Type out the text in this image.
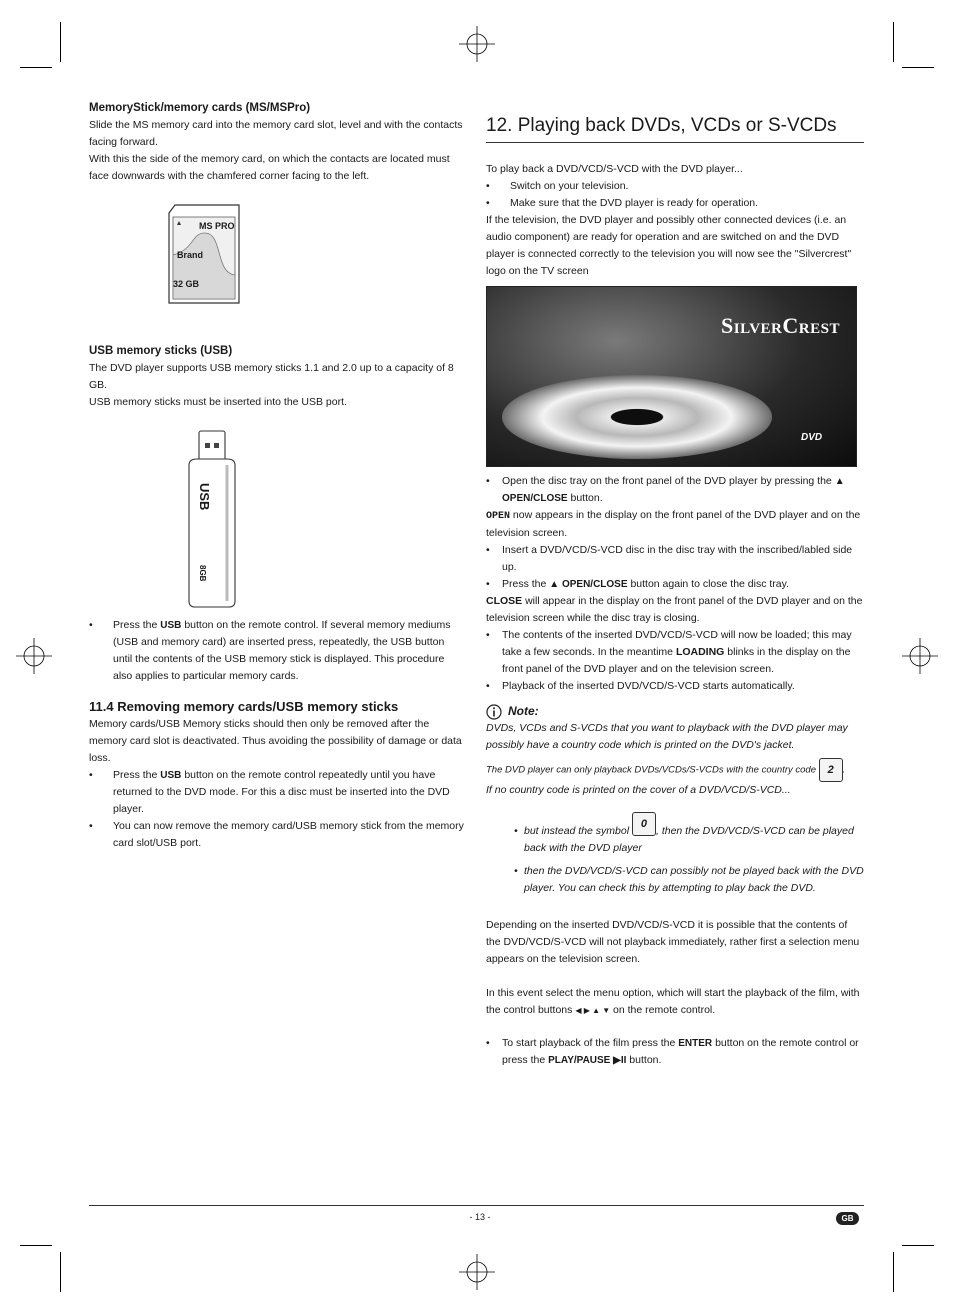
MemoryStick/memory cards (MS/MSPro)

Slide the MS memory card into the memory card slot, level and with the contacts facing forward.

With this the side of the memory card, on which the contacts are located must face downwards with the chamfered corner facing to the left.

MS PRO
Brand
32 GB
USB memory sticks (USB)

The DVD player supports USB memory sticks 1.1 and 2.0 up to a capacity of 8 GB.

USB memory sticks must be inserted into the USB port.

USB
8GB
•	Press the USB button on the remote control. If several memory mediums (USB and memory card) are inserted press, repeatedly, the USB button until the contents of the USB memory stick is displayed. This procedure also applies to particular memory cards.
11.4 Removing memory cards/USB memory sticks

Memory cards/USB Memory sticks should then only be removed after the memory card slot is deactivated. Thus avoiding the possibility of damage or data loss.

•	Press the USB button on the remote control repeatedly until you have returned to the DVD mode. For this a disc must be inserted into the DVD player.
•	You can now remove the memory card/USB memory stick from the memory card slot/USB port.
12. Playing back DVDs, VCDs or S-VCDs

To play back a DVD/VCD/S-VCD with the DVD player...

•	Switch on your television.
•	Make sure that the DVD player is ready for operation.

If the television, the DVD player and possibly other connected devices (i.e. an audio component) are ready for operation and are switched on and the DVD player is connected correctly to the television you will now see the "Silvercrest" logo on the TV screen

SilverCrest
DVD
•	Open the disc tray on the front panel of the DVD player by pressing the ▲ OPEN/CLOSE button.

OPEN now appears in the display on the front panel of the DVD player and on the television screen.

•	Insert a DVD/VCD/S-VCD disc in the disc tray with the inscribed/labled side up.
•	Press the ▲ OPEN/CLOSE button again to close the disc tray.

CLOSE will appear in the display on the front panel of the DVD player and on the television screen while the disc tray is closing.

•	The contents of the inserted DVD/VCD/S-VCD will now be loaded; this may take a few seconds. In the meantime LOADING blinks in the display on the front panel of the DVD player and on the television screen.
•	Playback of the inserted DVD/VCD/S-VCD starts automatically.
Note:

DVDs, VCDs and S-VCDs that you want to playback with the DVD player may possibly have a country code which is printed on the DVD's jacket.

The DVD player can only playback DVDs/VCDs/S-VCDs with the country code 2 .

If no country code is printed on the cover of a DVD/VCD/S-VCD...

• but instead the symbol 0, then the DVD/VCD/S-VCD can be played back with the DVD player
• then the DVD/VCD/S-VCD can possibly not be played back with the DVD player. You can check this by attempting to play back the DVD.

Depending on the inserted DVD/VCD/S-VCD it is possible that the contents of the DVD/VCD/S-VCD will not playback immediately, rather first a selection menu appears on the television screen.

In this event select the menu option, which will start the playback of the film, with the control buttons ◀ ▶ ▲ ▼ on the remote control.

•	To start playback of the film press the ENTER button on the remote control or press the PLAY/PAUSE ▶II button.
- 13 -	GB
